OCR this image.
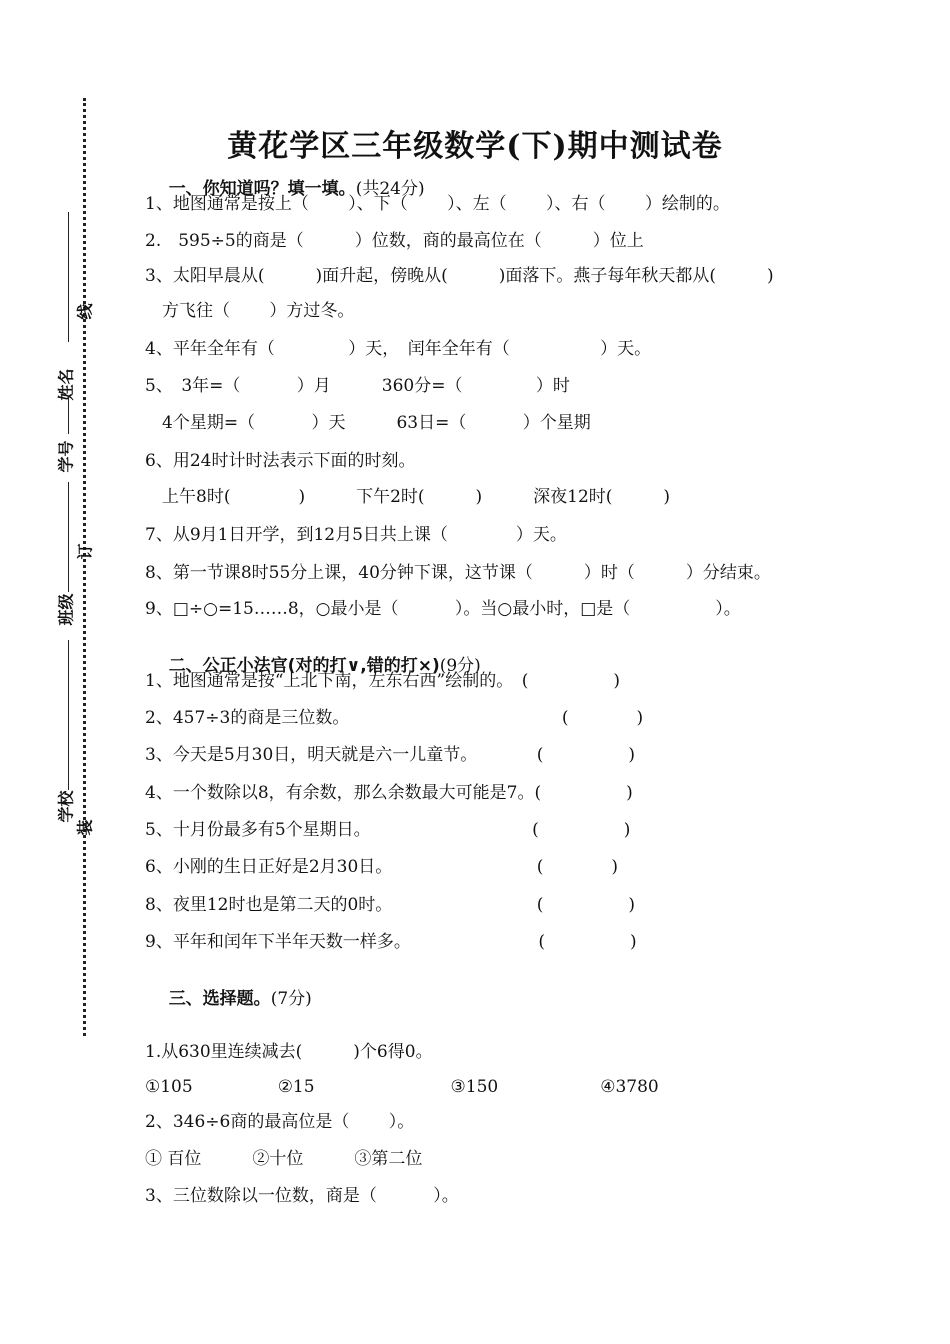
线
姓名
学号
订
班级
学校
装
黄花学区三年级数学(下)期中测试卷

一、你知道吗？填一填。(共24分)

1、地图通常是按上（　　 ）、下（　　 ）、左（　　 ）、右（　　 ）绘制的。
2.　595÷5的商是（　　　）位数，商的最高位在（　　　）位上
3、太阳早晨从(　　　)面升起，傍晚从(　　　)面落下。燕子每年秋天都从(　　　)
　方飞往（　　 ）方过冬。
4、平年全年有（　　　　 ）天，　闰年全年有（　　　　　 ）天。
5、　3年=（　　　 ）月　　　360分=（　　　　 ）时
　4个星期=（　　　 ）天　　　63日=（　　　 ）个星期
6、用24时计时法表示下面的时刻。
　上午8时(　　　　)　　　下午2时(　　　)　　　深夜12时(　　　)
7、从9月1日开学，到12月5日共上课（　　　　）天。
8、第一节课8时55分上课，40分钟下课，这节课（　　　）时（　　　）分结束。
9、□÷○=15……8，○最小是（　　　 ）。当○最小时，□是（　　　　　）。

二、公正小法官(对的打∨,错的打×)(9分)

1、地图通常是按“上北下南，左东右西”绘制的。　(　　　　　)
2、457÷3的商是三位数。　　　　　　　　　　　　　(　　　　)
3、今天是5月30日，明天就是六一儿童节。　　　　(　　　　　)
4、一个数除以8，有余数，那么余数最大可能是7。(　　　　　)
5、十月份最多有5个星期日。　　　　　　　　　　(　　　　　)
6、小刚的生日正好是2月30日。　　　　　　　　　(　　　　)
8、夜里12时也是第二天的0时。　　　　　　　　　(　　　　　)
9、平年和闰年下半年天数一样多。　　　　　　　　(　　　　　)

三、选择题。(7分)

1.从630里连续减去(　　　)个6得0。
①105　　　　　②15　　　　　　　　③150　　　　　　④3780
2、346÷6商的最高位是（　　 ）。
① 百位　　　②十位　　　③第二位
3、三位数除以一位数，商是（　　　 ）。
